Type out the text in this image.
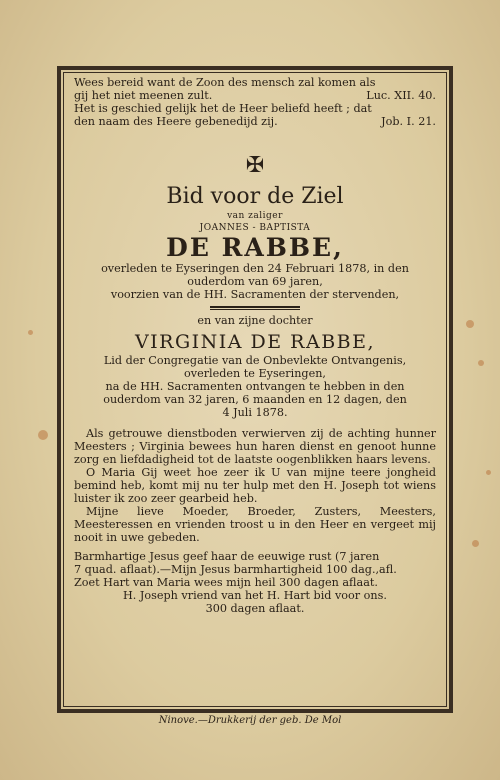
Wees bereid want de Zoon des mensch zal komen als
gij het niet meenen zult.	Luc. XII. 40.
Het is geschied gelijk het de Heer beliefd heeft ; dat
den naam des Heere gebenedijd zij.	Job. I. 21.
✠
Bid voor de Ziel
van zaliger
JOANNES - BAPTISTA
DE RABBE,
overleden te Eyseringen den 24 Februari 1878, in den
ouderdom van 69 jaren,
voorzien van de HH. Sacramenten der stervenden,
en van zijne dochter
VIRGINIA DE RABBE,
Lid der Congregatie van de Onbevlekte Ontvangenis,
overleden te Eyseringen,
na de HH. Sacramenten ontvangen te hebben in den
ouderdom van 32 jaren, 6 maanden en 12 dagen, den
4 Juli 1878.
Als getrouwe dienstboden verwierven zij de achting hunner Meesters ; Virginia bewees hun haren dienst en genoot hunne zorg en liefdadigheid tot de laatste oogenblikken haars levens.
O Maria Gij weet hoe zeer ik U van mijne teere jongheid bemind heb, komt mij nu ter hulp met den H. Joseph tot wiens luister ik zoo zeer gearbeid heb.
Mijne lieve Moeder, Broeder, Zusters, Meesters, Meesteressen en vrienden troost u in den Heer en vergeet mij nooit in uwe gebeden.
Barmhartige Jesus geef haar de eeuwige rust (7 jaren
7 quad. aflaat).—Mijn Jesus barmhartigheid 100 dag.,afl.
Zoet Hart van Maria wees mijn heil 300 dagen aflaat.
H. Joseph vriend van het H. Hart bid voor ons.
300 dagen aflaat.
Ninove.—Drukkerij der geb. De Mol
